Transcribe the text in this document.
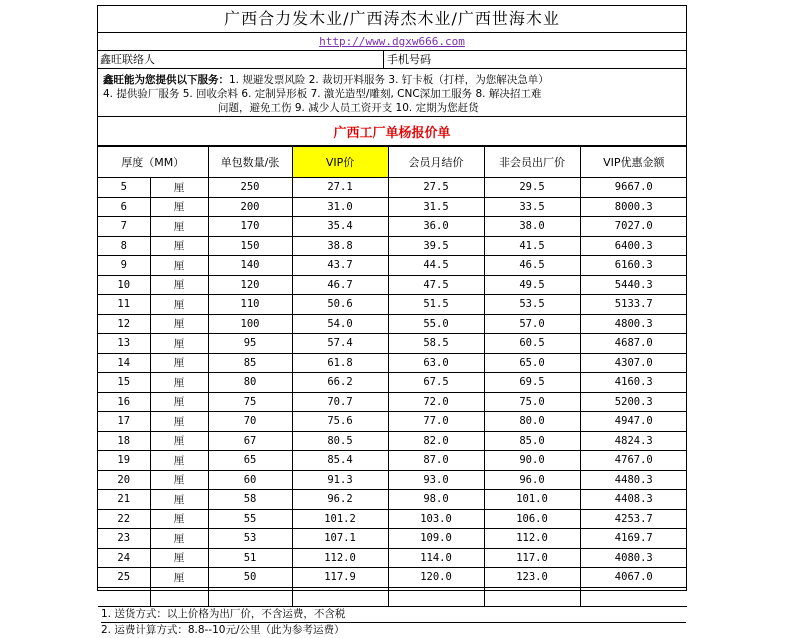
广西合力发木业/广西涛杰木业/广西世海木业
http://www.dgxw666.com
鑫旺联络人	手机号码
鑫旺能为您提供以下服务：1. 规避发票风险 2. 裁切开料服务 3. 钉卡板（打样，为您解决急单）
4. 提供验厂服务 5. 回收余料 6. 定制异形板 7. 激光造型/雕刻, CNC深加工服务 8. 解决招工难
问题，避免工伤 9. 减少人员工资开支 10. 定期为您赶货
广西工厂单杨报价单
厚度（MM）		单包数量/张	VIP价	会员月结价	非会员出厂价	VIP优惠金额
5	厘	250	27.1	27.5	29.5	9667.0
6	厘	200	31.0	31.5	33.5	8000.3
7	厘	170	35.4	36.0	38.0	7027.0
8	厘	150	38.8	39.5	41.5	6400.3
9	厘	140	43.7	44.5	46.5	6160.3
10	厘	120	46.7	47.5	49.5	5440.3
11	厘	110	50.6	51.5	53.5	5133.7
12	厘	100	54.0	55.0	57.0	4800.3
13	厘	95	57.4	58.5	60.5	4687.0
14	厘	85	61.8	63.0	65.0	4307.0
15	厘	80	66.2	67.5	69.5	4160.3
16	厘	75	70.7	72.0	75.0	5200.3
17	厘	70	75.6	77.0	80.0	4947.0
18	厘	67	80.5	82.0	85.0	4824.3
19	厘	65	85.4	87.0	90.0	4767.0
20	厘	60	91.3	93.0	96.0	4480.3
21	厘	58	96.2	98.0	101.0	4408.3
22	厘	55	101.2	103.0	106.0	4253.7
23	厘	53	107.1	109.0	112.0	4169.7
24	厘	51	112.0	114.0	117.0	4080.3
25	厘	50	117.9	120.0	123.0	4067.0

1. 送货方式：以上价格为出厂价，不含运费，不含税
2. 运费计算方式：8.8--10元/公里（此为参考运费）
